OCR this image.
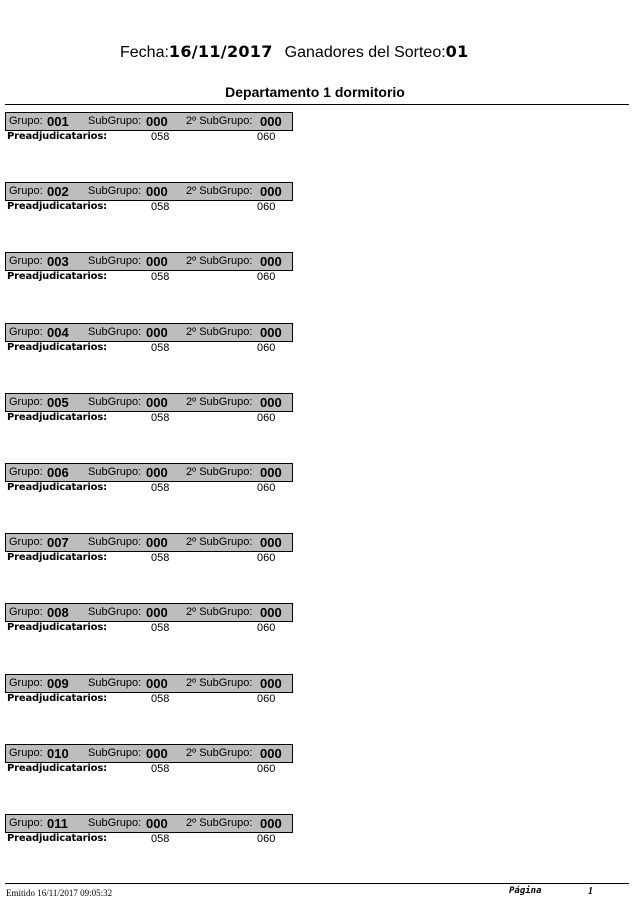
Fecha:16/11/2017 Ganadores del Sorteo:01
Departamento 1 dormitorio
Grupo: 001 SubGrupo: 000 2º SubGrupo: 000
Preadjudicatarios:	058	060
Grupo: 002 SubGrupo: 000 2º SubGrupo: 000
Preadjudicatarios:	058	060
Grupo: 003 SubGrupo: 000 2º SubGrupo: 000
Preadjudicatarios:	058	060
Grupo: 004 SubGrupo: 000 2º SubGrupo: 000
Preadjudicatarios:	058	060
Grupo: 005 SubGrupo: 000 2º SubGrupo: 000
Preadjudicatarios:	058	060
Grupo: 006 SubGrupo: 000 2º SubGrupo: 000
Preadjudicatarios:	058	060
Grupo: 007 SubGrupo: 000 2º SubGrupo: 000
Preadjudicatarios:	058	060
Grupo: 008 SubGrupo: 000 2º SubGrupo: 000
Preadjudicatarios:	058	060
Grupo: 009 SubGrupo: 000 2º SubGrupo: 000
Preadjudicatarios:	058	060
Grupo: 010 SubGrupo: 000 2º SubGrupo: 000
Preadjudicatarios:	058	060
Grupo: 011 SubGrupo: 000 2º SubGrupo: 000
Preadjudicatarios:	058	060
Emitido 16/11/2017 09:05:32	Página	1
